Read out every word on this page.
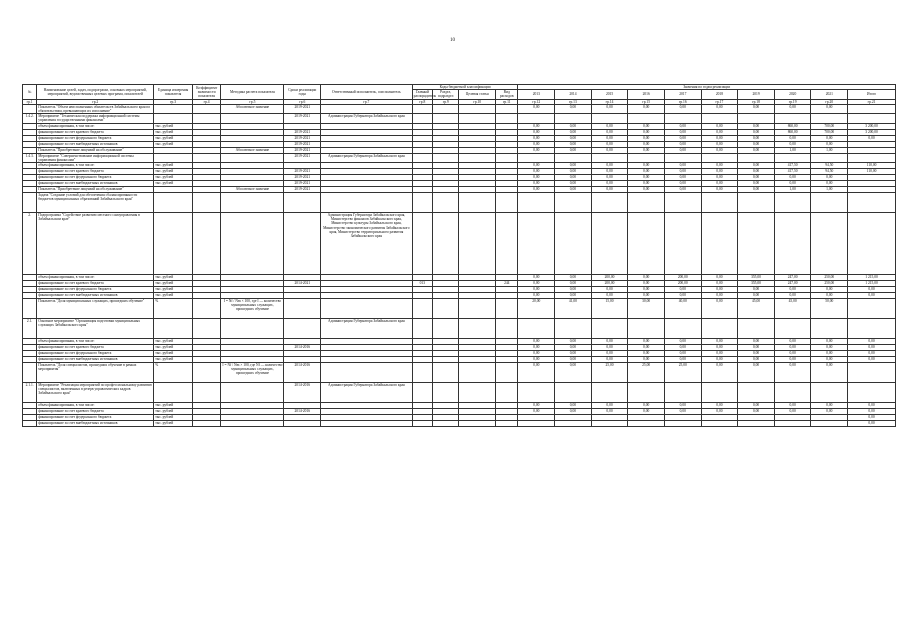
10
№	Наименование целей, задач, подпрограмм, основных мероприятий, мероприятий, ведомственных целевых программ, показателей	Единица измерения показателя	Коэффициент значимости показателя	Методика расчета показателя	Сроки реализации годы	Ответственный исполнитель, соисполнитель	Коды бюджетной классификации				Значения по годам реализации									
							Главный распорядитель	Раздел, подраздел	Целевая статья	Вид расходов	2013	2014	2015	2016	2017	2018	2019	2020	2021	Итого
гр.1	гр.2	гр.3	гр.4	гр.5	гр.6	гр.7	гр.8	гр.9	гр.10	гр.11	гр.12	гр.13	гр.14	гр.15	гр.16	гр.17	гр.18	гр.19	гр.20	гр.21
	Показатель "Объем неисполненных обязательств Забайкальского края по обязательствам, превышающих их исполнение"			Абсолютное значение	2019-2021						0,00	0,00	0,00	0,00	0,00	0,00	0,00	0,00	0,00	
1.4.2.	Мероприятие "Техническая поддержка информационной системы управления государственными финансами"				2019-2021	Администрация Губернатора Забайкальского края														
	объем финансирования, в том числе:	тыс. рублей									0,00	0,00	0,00	0,00	0,00	0,00	0,00	860,00	700,00	3 200,00
	финансирование за счет краевого бюджета	тыс. рублей			2019-2021						0,00	0,00	0,00	0,00	0,00	0,00	0,00	860,00	700,00	3 200,00
	финансирование за счет федерального бюджета	тыс. рублей			2019-2021						0,00	0,00	0,00	0,00	0,00	0,00	0,00	0,00	0,00	0,00
	финансирование за счет внебюджетных источников	тыс. рублей			2019-2021						0,00	0,00	0,00	0,00	0,00	0,00	0,00	0,00	0,00	
	Показатель "Приобретение лицензий на обслуживание"			Абсолютное значение	2019-2021						0,00	0,00	0,00	0,00	0,00	0,00	0,00	1,00	1,00	
1.4.3.	Мероприятие "Совершенствование информационной системы управления финансами"				2019-2021	Администрация Губернатора Забайкальского края														
	объем финансирования, в том числе:	тыс. рублей									0,00	0,00	0,00	0,00	0,00	0,00	0,00	417,50	94,50	110,00
	финансирование за счет краевого бюджета	тыс. рублей			2019-2021						0,00	0,00	0,00	0,00	0,00	0,00	0,00	417,50	94,50	110,00
	финансирование за счет федерального бюджета	тыс. рублей			2019-2021						0,00	0,00	0,00	0,00	0,00	0,00	0,00	0,00	0,00	
	финансирование за счет внебюджетных источников	тыс. рублей			2019-2021						0,00	0,00	0,00	0,00	0,00	0,00	0,00	0,00	0,00	
	Показатель "Приобретение лицензий на обслуживание"			Абсолютное значение	2019-2021						0,00	0,00	0,00	0,00	0,00	0,00	0,00	1,00	1,00	
	Задача "Создание условий для обеспечения сбалансированности бюджетов муниципальных образований Забайкальского края"																			
2.	Подпрограмма "Содействие развитию местного самоуправления в Забайкальском крае"					Администрация Губернатора Забайкальского края, Министерство финансов Забайкальского края, Министерство культуры Забайкальского края, Министерство экономического развития Забайкальского края, Министерство территориального развития Забайкальского края														
	объем финансирования, в том числе:	тыс. рублей									0,00	0,00	200,00	0,00	200,00	0,00	355,00	247,00	250,00	1 215,00
	финансирование за счет краевого бюджета	тыс. рублей			2014-2021		013			244	0,00	0,00	200,00	0,00	200,00	0,00	355,00	247,00	250,00	1 215,00
	финансирование за счет федерального бюджета	тыс. рублей									0,00	0,00	0,00	0,00	0,00	0,00	0,00	0,00	0,00	0,00
	финансирование за счет внебюджетных источников	тыс. рублей									0,00	0,00	0,00	0,00	0,00	0,00	0,00	0,00	0,00	0,00
	Показатель "Доля муниципальных служащих, прошедших обучение"	%		I = Nf / Nm × 100, где I — количество муниципальных служащих, прошедших обучение							20,00	41,00	15,00	30,00	40,00	0,00	45,00	45,00	50,00	
2.1.	Основное мероприятие "Организация подготовки муниципальных служащих Забайкальского края"					Администрация Губернатора Забайкальского края														
	объем финансирования, в том числе:	тыс. рублей									0,00	0,00	0,00	0,00	0,00	0,00	0,00	0,00	0,00	0,00
	финансирование за счет краевого бюджета	тыс. рублей			2014-2016						0,00	0,00	0,00	0,00	0,00	0,00	0,00	0,00	0,00	0,00
	финансирование за счет федерального бюджета	тыс. рублей									0,00	0,00	0,00	0,00	0,00	0,00	0,00	0,00	0,00	0,00
	финансирование за счет внебюджетных источников	тыс. рублей									0,00	0,00	0,00	0,00	0,00	0,00	0,00	0,00	0,00	0,00
	Показатель "Доля специалистов, прошедших обучение в рамках мероприятия"	%		I = Nf / Nm × 100, где Nf — количество муниципальных служащих, прошедших обучение	2014-2016						0,00	0,00	25,00	25,00	25,00	0,00	0,00	0,00	0,00	
2.1.1.	Мероприятие "Реализация мероприятий по профессиональному развитию специалистов, включенных в резерв управленческих кадров Забайкальского края"				2014-2016	Администрация Губернатора Забайкальского края														
	объем финансирования, в том числе:	тыс. рублей									0,00	0,00	0,00	0,00	0,00	0,00	0,00	0,00	0,00	0,00
	финансирование за счет краевого бюджета	тыс. рублей			2014-2016						0,00	0,00	0,00	0,00	0,00	0,00	0,00	0,00	0,00	0,00
	финансирование за счет федерального бюджета	тыс. рублей																		0,00
	финансирование за счет внебюджетных источников	тыс. рублей																		0,00
